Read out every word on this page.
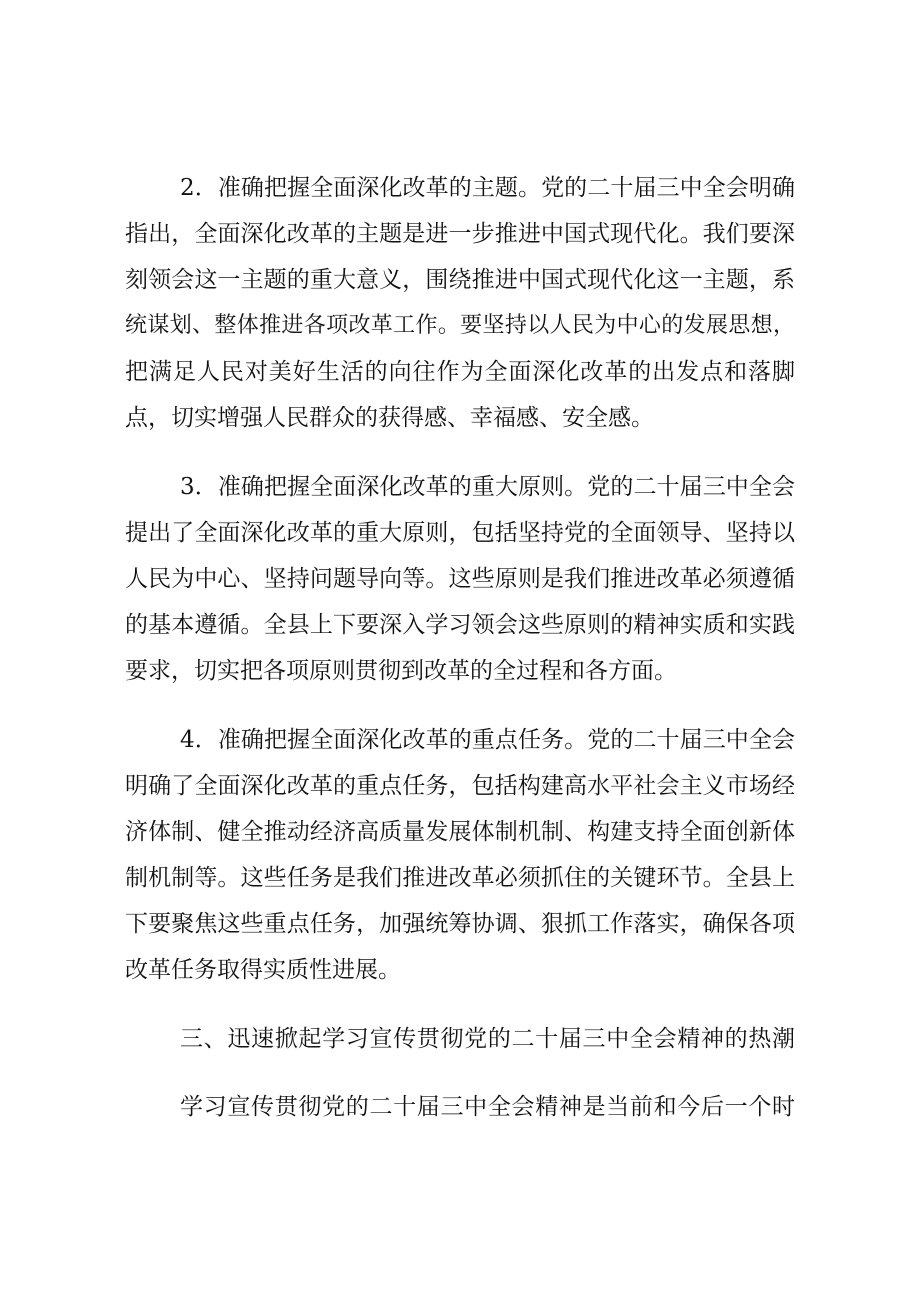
2．准确把握全面深化改革的主题。党的二十届三中全会明确
指出，全面深化改革的主题是进一步推进中国式现代化。我们要深
刻领会这一主题的重大意义，围绕推进中国式现代化这一主题，系
统谋划、整体推进各项改革工作。要坚持以人民为中心的发展思想，
把满足人民对美好生活的向往作为全面深化改革的出发点和落脚
点，切实增强人民群众的获得感、幸福感、安全感。
3．准确把握全面深化改革的重大原则。党的二十届三中全会
提出了全面深化改革的重大原则，包括坚持党的全面领导、坚持以
人民为中心、坚持问题导向等。这些原则是我们推进改革必须遵循
的基本遵循。全县上下要深入学习领会这些原则的精神实质和实践
要求，切实把各项原则贯彻到改革的全过程和各方面。
4．准确把握全面深化改革的重点任务。党的二十届三中全会
明确了全面深化改革的重点任务，包括构建高水平社会主义市场经
济体制、健全推动经济高质量发展体制机制、构建支持全面创新体
制机制等。这些任务是我们推进改革必须抓住的关键环节。全县上
下要聚焦这些重点任务，加强统筹协调、狠抓工作落实，确保各项
改革任务取得实质性进展。
三、迅速掀起学习宣传贯彻党的二十届三中全会精神的热潮
学习宣传贯彻党的二十届三中全会精神是当前和今后一个时
